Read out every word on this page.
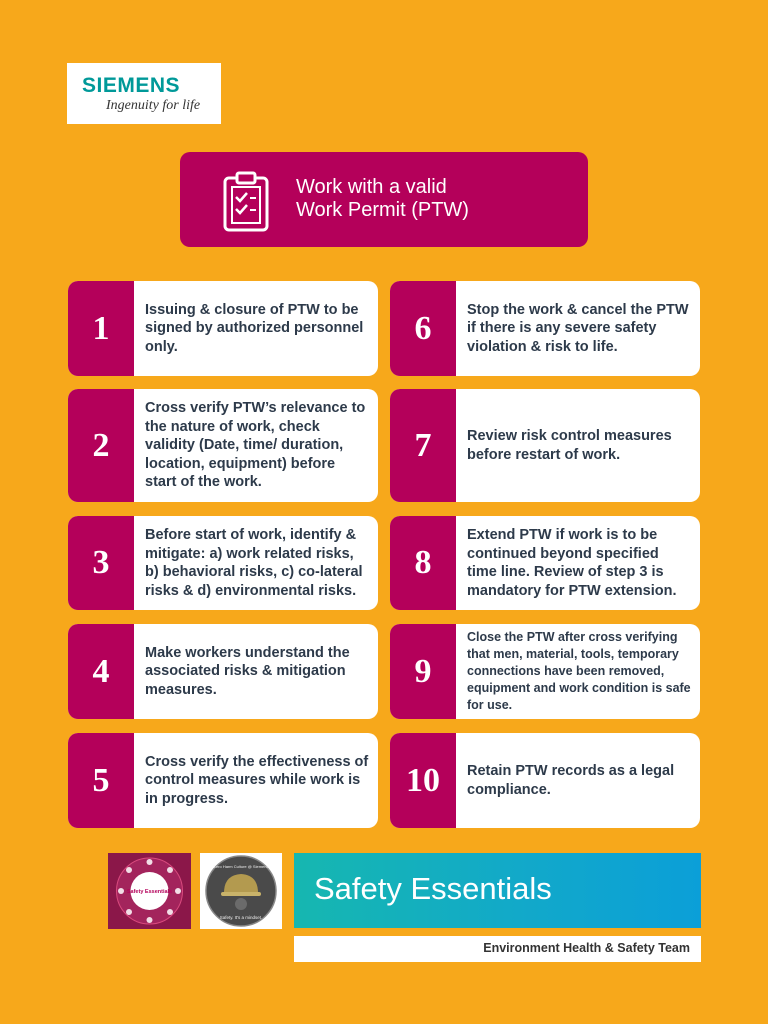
SIEMENS
Ingenuity for life
Work with a valid
Work Permit (PTW)
1	Issuing & closure of PTW to be signed by authorized personnel only.
2
Cross verify PTW’s relevance to the nature of work, check validity (Date, time/ duration, location, equipment) before start of the work.
3
Before start of work, identify & mitigate: a) work related risks, b) behavioral risks, c) co-lateral risks & d) environmental risks.
4	Make workers understand the associated risks & mitigation measures.
5	Cross verify the effectiveness of control measures while work is in progress.
6	Stop the work & cancel the PTW if there is any severe safety violation & risk to life.
7	Review risk control measures before restart of work.
8
Extend PTW if work is to be continued beyond specified time line. Review of step 3 is mandatory for PTW extension.
9
Close the PTW after cross verifying that men, material, tools, temporary connections have been removed, equipment and work condition is safe for use.
10	Retain PTW records as a legal compliance.
Safety Essentials
Zero Harm Culture @ Siemens
Safety. It's a mindset.
Safety Essentials
Environment Health & Safety Team
